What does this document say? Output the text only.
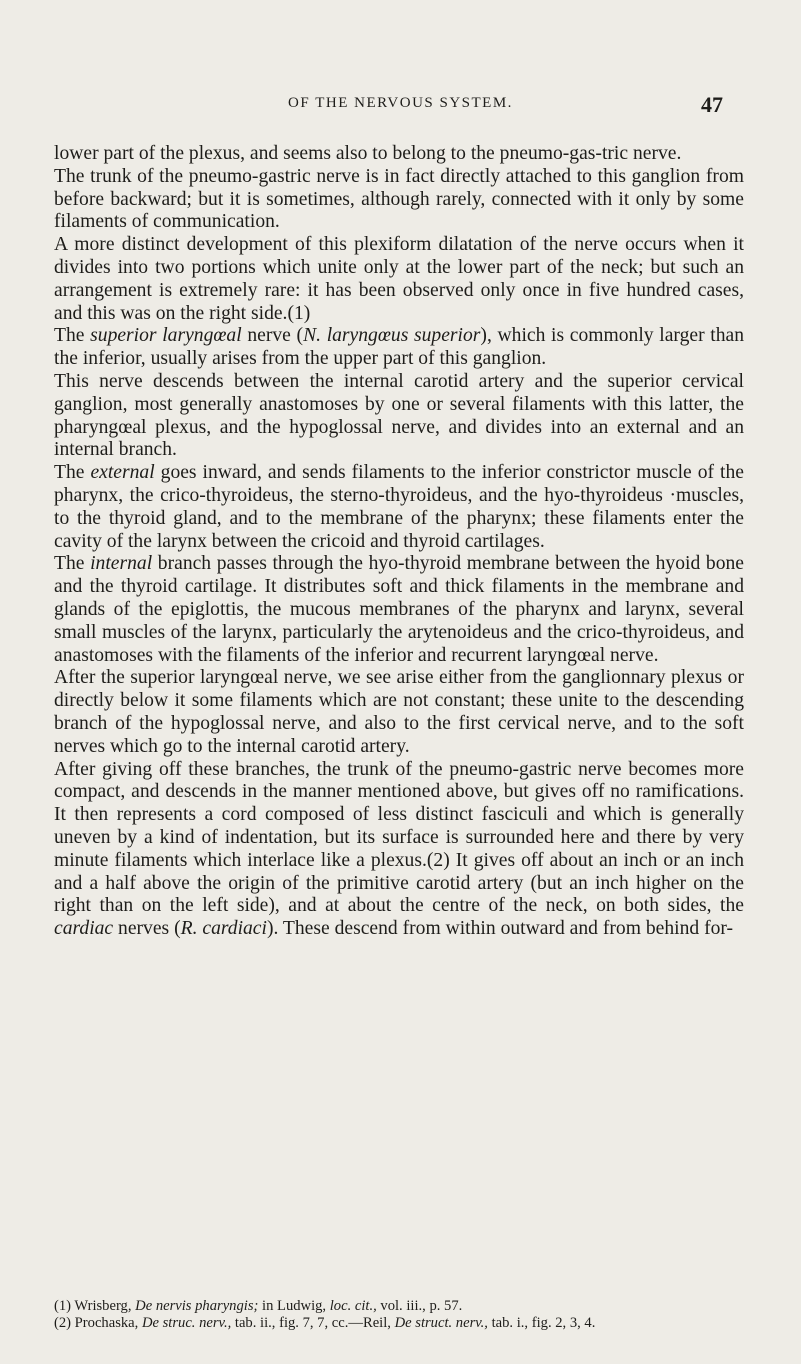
OF THE NERVOUS SYSTEM.	47

lower part of the plexus, and seems also to belong to the pneumo-gas-tric nerve.

The trunk of the pneumo-gastric nerve is in fact directly attached to this ganglion from before backward; but it is sometimes, although rarely, connected with it only by some filaments of communication.

A more distinct development of this plexiform dilatation of the nerve occurs when it divides into two portions which unite only at the lower part of the neck; but such an arrangement is extremely rare: it has been observed only once in five hundred cases, and this was on the right side.(1)

The superior laryngœal nerve (N. laryngœus superior), which is commonly larger than the inferior, usually arises from the upper part of this ganglion.

This nerve descends between the internal carotid artery and the superior cervical ganglion, most generally anastomoses by one or several filaments with this latter, the pharyngœal plexus, and the hypoglossal nerve, and divides into an external and an internal branch.

The external goes inward, and sends filaments to the inferior constrictor muscle of the pharynx, the crico-thyroideus, the sterno-thyroideus, and the hyo-thyroideus ·muscles, to the thyroid gland, and to the membrane of the pharynx; these filaments enter the cavity of the larynx between the cricoid and thyroid cartilages.

The internal branch passes through the hyo-thyroid membrane between the hyoid bone and the thyroid cartilage. It distributes soft and thick filaments in the membrane and glands of the epiglottis, the mucous membranes of the pharynx and larynx, several small muscles of the larynx, particularly the arytenoideus and the crico-thyroideus, and anastomoses with the filaments of the inferior and recurrent laryngœal nerve.

After the superior laryngœal nerve, we see arise either from the ganglionnary plexus or directly below it some filaments which are not constant; these unite to the descending branch of the hypoglossal nerve, and also to the first cervical nerve, and to the soft nerves which go to the internal carotid artery.

After giving off these branches, the trunk of the pneumo-gastric nerve becomes more compact, and descends in the manner mentioned above, but gives off no ramifications. It then represents a cord composed of less distinct fasciculi and which is generally uneven by a kind of indentation, but its surface is surrounded here and there by very minute filaments which interlace like a plexus.(2) It gives off about an inch or an inch and a half above the origin of the primitive carotid artery (but an inch higher on the right than on the left side), and at about the centre of the neck, on both sides, the cardiac nerves (R. cardiaci). These descend from within outward and from behind for-

(1) Wrisberg, De nervis pharyngis; in Ludwig, loc. cit., vol. iii., p. 57.

(2) Prochaska, De struc. nerv., tab. ii., fig. 7, 7, cc.—Reil, De struct. nerv., tab. i., fig. 2, 3, 4.
